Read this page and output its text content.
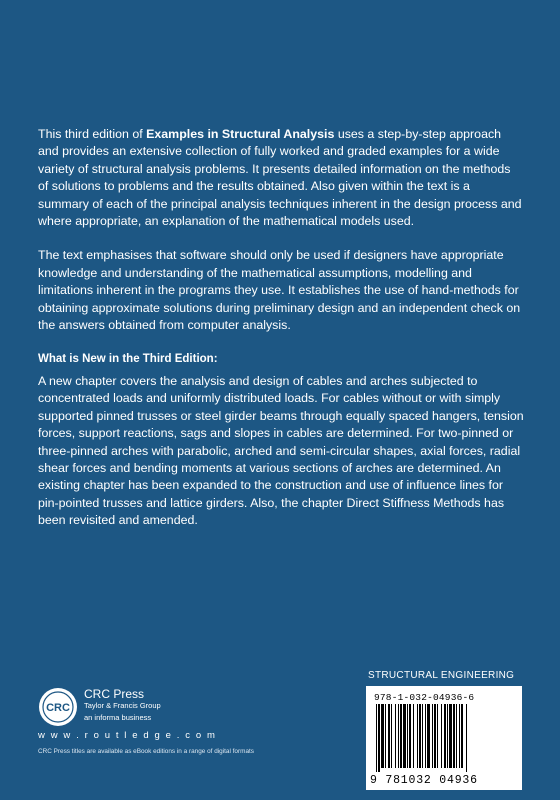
This third edition of Examples in Structural Analysis uses a step-by-step approach and provides an extensive collection of fully worked and graded examples for a wide variety of structural analysis problems. It presents detailed information on the methods of solutions to problems and the results obtained. Also given within the text is a summary of each of the principal analysis techniques inherent in the design process and where appropriate, an explanation of the mathematical models used.

The text emphasises that software should only be used if designers have appropriate knowledge and understanding of the mathematical assumptions, modelling and limitations inherent in the programs they use. It establishes the use of hand-methods for obtaining approximate solutions during preliminary design and an independent check on the answers obtained from computer analysis.

What is New in the Third Edition:

A new chapter covers the analysis and design of cables and arches subjected to concentrated loads and uniformly distributed loads. For cables without or with simply supported pinned trusses or steel girder beams through equally spaced hangers, tension forces, support reactions, sags and slopes in cables are determined. For two-pinned or three-pinned arches with parabolic, arched and semi-circular shapes, axial forces, radial shear forces and bending moments at various sections of arches are determined. An existing chapter has been expanded to the construction and use of influence lines for pin-pointed trusses and lattice girders. Also, the chapter Direct Stiffness Methods has been revisited and amended.

STRUCTURAL ENGINEERING
978-1-032-04936-6
9 781032 04936
CRC
CRC Press
Taylor & Francis Group
an informa business
w w w . r o u t l e d g e . c o m
CRC Press titles are available as eBook editions in a range of digital formats
